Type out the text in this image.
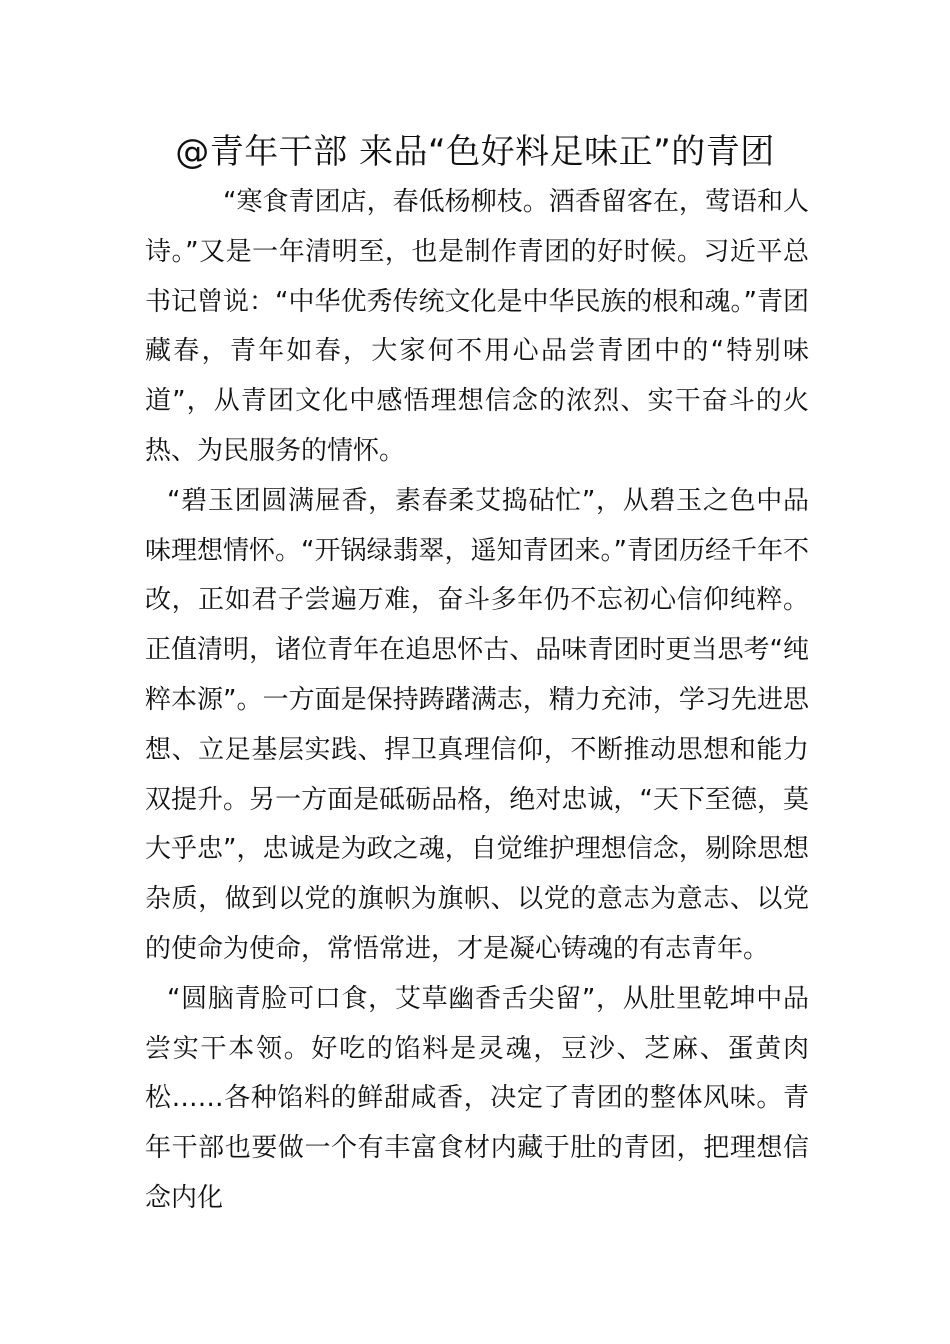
@青年干部 来品“色好料足味正”的青团

“寒食青团店，春低杨柳枝。酒香留客在，莺语和人诗。”又是一年清明至，也是制作青团的好时候。习近平总书记曾说：“中华优秀传统文化是中华民族的根和魂。”青团藏春，青年如春，大家何不用心品尝青团中的“特别味道”，从青团文化中感悟理想信念的浓烈、实干奋斗的火热、为民服务的情怀。

“碧玉团圆满屉香，素春柔艾捣砧忙”，从碧玉之色中品味理想情怀。“开锅绿翡翠，遥知青团来。”青团历经千年不改，正如君子尝遍万难，奋斗多年仍不忘初心信仰纯粹。正值清明，诸位青年在追思怀古、品味青团时更当思考“纯粹本源”。一方面是保持踌躇满志，精力充沛，学习先进思想、立足基层实践、捍卫真理信仰，不断推动思想和能力双提升。另一方面是砥砺品格，绝对忠诚，“天下至德，莫大乎忠”，忠诚是为政之魂，自觉维护理想信念，剔除思想杂质，做到以党的旗帜为旗帜、以党的意志为意志、以党的使命为使命，常悟常进，才是凝心铸魂的有志青年。

“圆脑青脸可口食，艾草幽香舌尖留”，从肚里乾坤中品尝实干本领。好吃的馅料是灵魂，豆沙、芝麻、蛋黄肉松……各种馅料的鲜甜咸香，决定了青团的整体风味。青年干部也要做一个有丰富食材内藏于肚的青团，把理想信念内化
